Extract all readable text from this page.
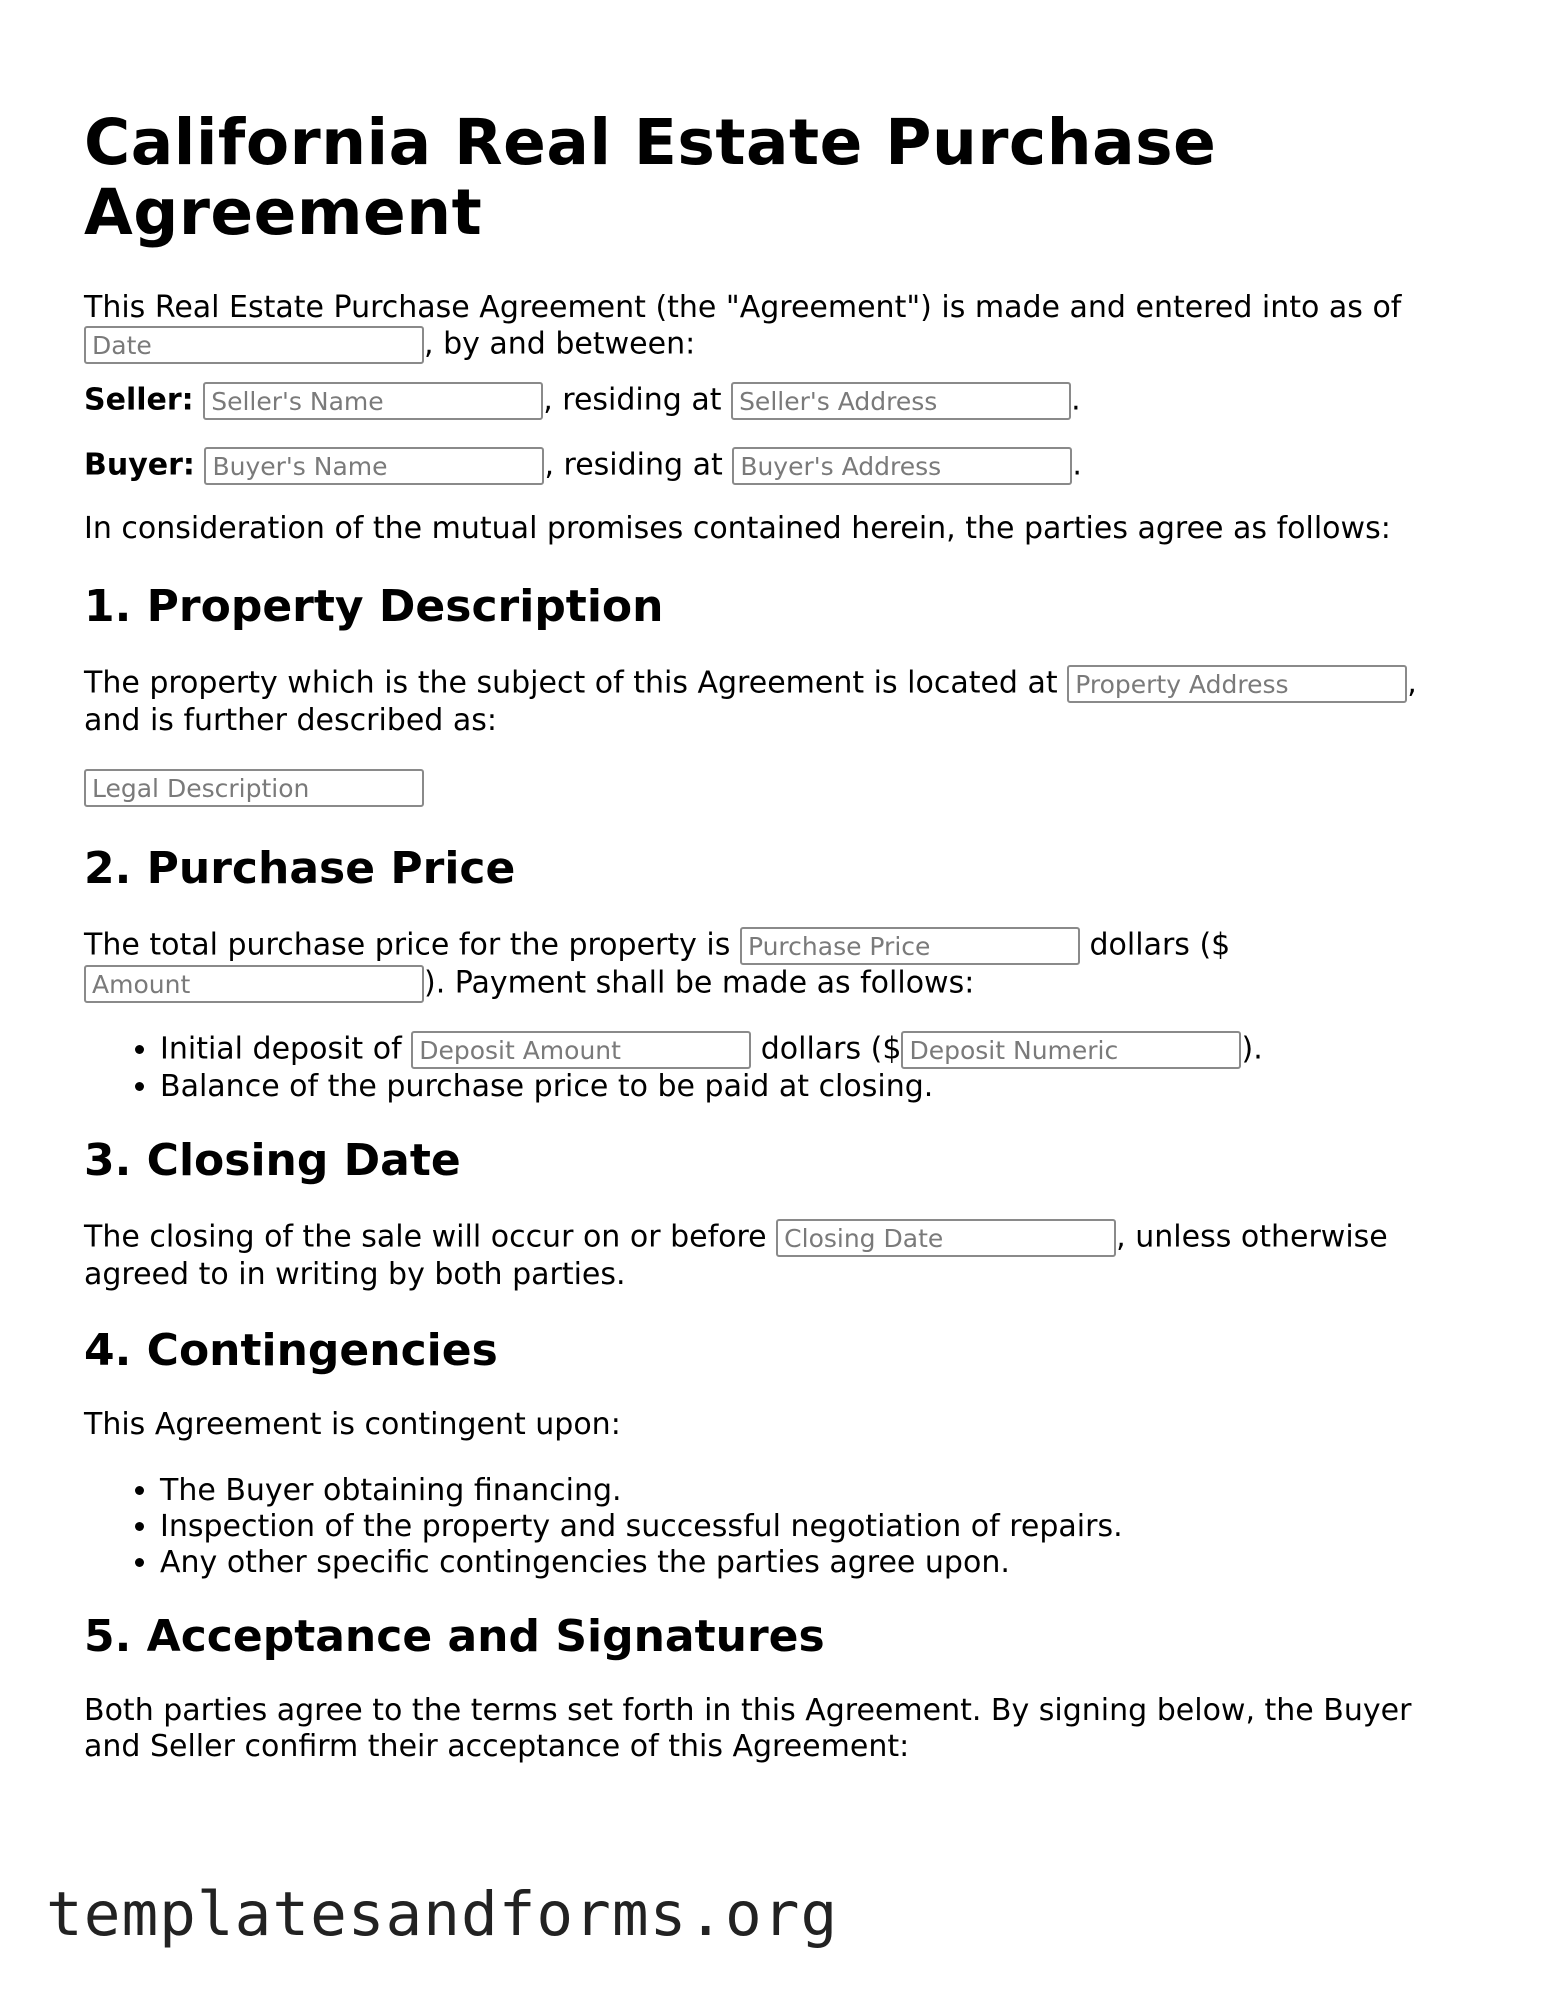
California Real Estate Purchase Agreement

This Real Estate Purchase Agreement (the "Agreement") is made and entered into as of Date, by and between:

Seller: Seller's Name	, residing at Seller's Address	.

Buyer: Buyer's Name	, residing at Buyer's Address	.

In consideration of the mutual promises contained herein, the parties agree as follows:

1. Property Description

The property which is the subject of this Agreement is located at Property Address	, and is further described as:

Legal Description

2. Purchase Price

The total purchase price for the property is Purchase Price	dollars ($ Amount). Payment shall be made as follows:

• Initial deposit of Deposit Amount	dollars ($Deposit Numeric	).
• Balance of the purchase price to be paid at closing.
3. Closing Date

The closing of the sale will occur on or before Closing Date	, unless otherwise agreed to in writing by both parties.

4. Contingencies

This Agreement is contingent upon:

• The Buyer obtaining financing.
• Inspection of the property and successful negotiation of repairs.
• Any other specific contingencies the parties agree upon.
5. Acceptance and Signatures

Both parties agree to the terms set forth in this Agreement. By signing below, the Buyer and Seller confirm their acceptance of this Agreement:

templatesandforms.org
